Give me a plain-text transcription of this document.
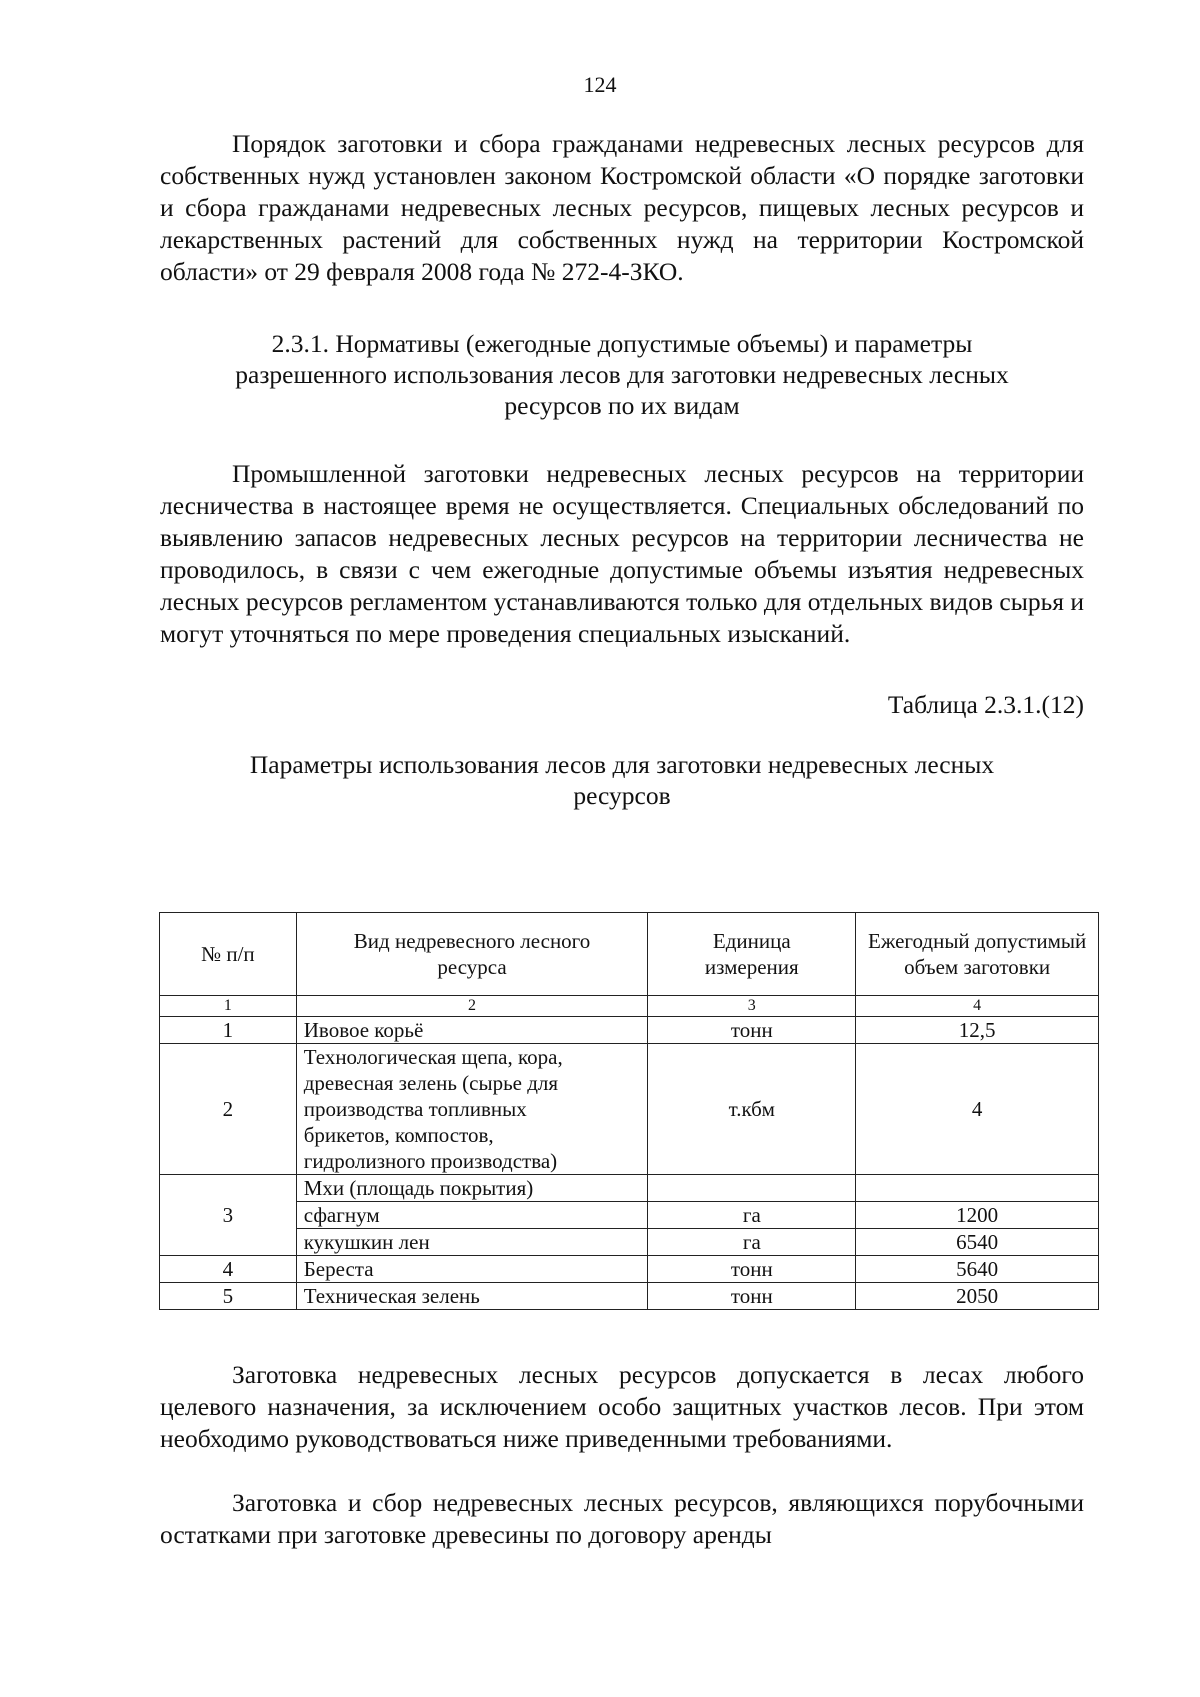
124

Порядок заготовки и сбора гражданами недревесных лесных ресурсов для собственных нужд установлен законом Костромской области «О порядке заготовки и сбора гражданами недревесных лесных ресурсов, пищевых лесных ресурсов и лекарственных растений для собственных нужд на территории Костромской области» от 29 февраля 2008 года № 272-4-ЗКО.

2.3.1. Нормативы (ежегодные допустимые объемы) и параметры
разрешенного использования лесов для заготовки недревесных лесных
ресурсов по их видам

Промышленной заготовки недревесных лесных ресурсов на территории лесничества в настоящее время не осуществляется. Специальных обследований по выявлению запасов недревесных лесных ресурсов на территории лесничества не проводилось, в связи с чем ежегодные допустимые объемы изъятия недревесных лесных ресурсов регламентом устанавливаются только для отдельных видов сырья и могут уточняться по мере проведения специальных изысканий.

Таблица 2.3.1.(12)

Параметры использования лесов для заготовки недревесных лесных
ресурсов
№ п/п	Вид недревесного лесного ресурса	Единица измерения	Ежегодный допустимый объем заготовки
1	2	3	4
1	Ивовое корьё	тонн	12,5
2	Технологическая щепа, кора, древесная зелень (сырье для производства топливных брикетов, компостов, гидролизного производства)	т.кбм	4
3	Мхи (площадь покрытия)		
	сфагнум	га	1200
	кукушкин лен	га	6540
4	Береста	тонн	5640
5	Техническая зелень	тонн	2050

Заготовка недревесных лесных ресурсов допускается в лесах любого целевого назначения, за исключением особо защитных участков лесов. При этом необходимо руководствоваться ниже приведенными требованиями.

Заготовка и сбор недревесных лесных ресурсов, являющихся порубочными остатками при заготовке древесины по договору аренды
